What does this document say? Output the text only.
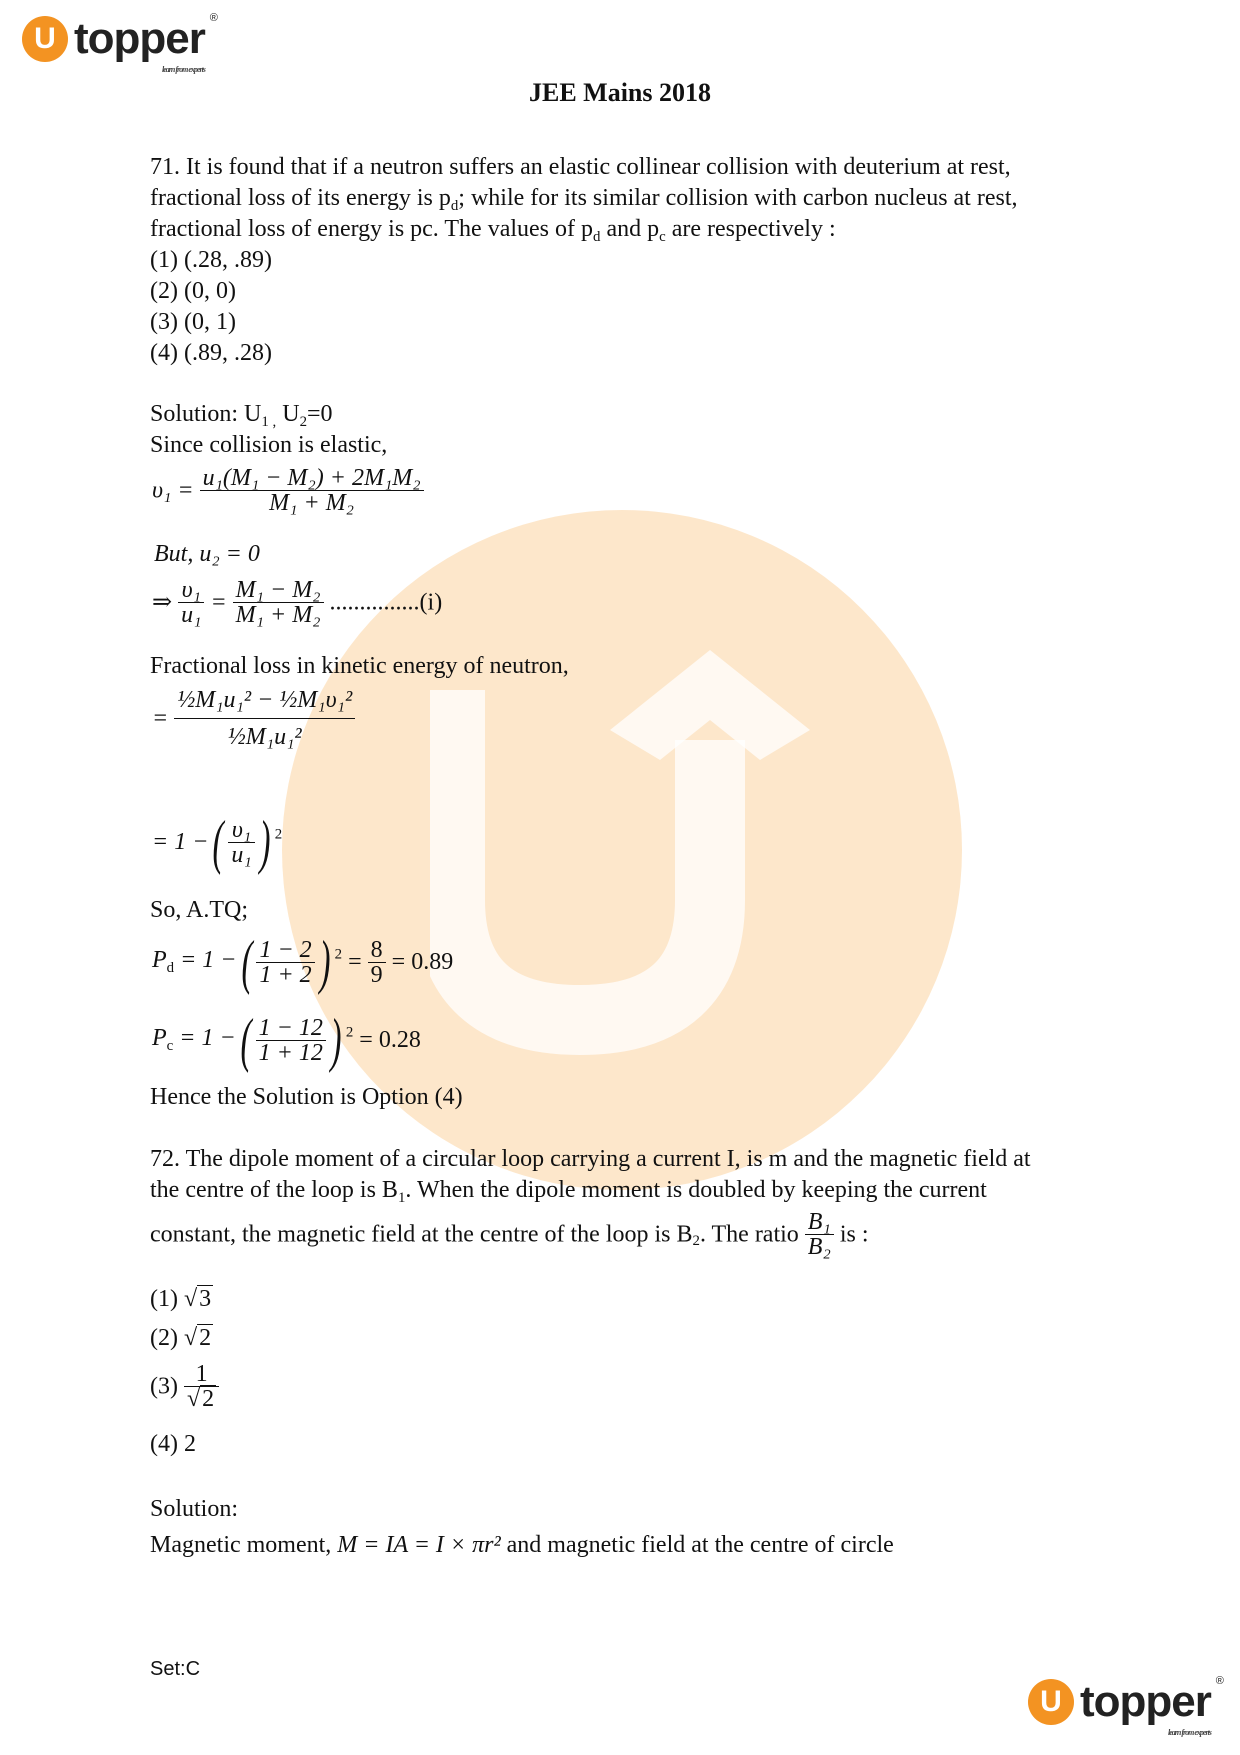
U topper ®
learn from experts
JEE Mains 2018
71. It is found that if a neutron suffers an elastic collinear collision with deuterium at rest,
fractional loss of its energy is $p_d$; while for its similar collision with carbon nucleus at rest,
fractional loss of energy is pc. The values of $p_d$ and $p_c$ are respectively :
(1) (.28, .89)
(2) (0, 0)
(3) (0, 1)
(4) (.89, .28)
Solution: $U_{1 ,}$ $U_2=0$
Since collision is elastic,
$\upsilon_1 = \frac{\text{u₁(M₁ − M₂) + 2M₁M₂}}{\text{M₁ + M₂}}$
But, u₂ = 0
⇒ $\frac{\text{υ₁}}{\text{u₁}} = \frac{\text{M₁ − M₂}}{\text{M₁ + M₂}} ...............(i)$
Fractional loss in kinetic energy of neutron,
= $\frac{\text{½M₁u₁² − ½M₁υ₁²}}{\text{½M₁u₁²}}$
= 1 −( $\frac{\text{υ₁}}{\text{u₁}}$ ) $^2$
So, A.TQ;
$P_d = 1$ −( $\frac{1 - 2}{1 + 2}$ ) $^2 = \frac{8}{9} = 0.89$
$P_c = 1$ −( $\frac{1 - 12}{1 + 12}$ ) $^2$ = 0.28
Hence the Solution is Option (4)
72. The dipole moment of a circular loop carrying a current I, is m and the magnetic field at
the centre of the loop is $B_1$. When the dipole moment is doubled by keeping the current
constant, the magnetic field at the centre of the loop is $B_2$. The ratio $\frac{\text{B₁}}{\text{B₂}}$ is :
(1) √3
(2) √2
$(3) \frac{1}{√2}$
(4) 2
Solution:
Magnetic moment, M = IA = I × πr² and magnetic field at the centre of circle
Set:C
U topper ®
learn from experts
